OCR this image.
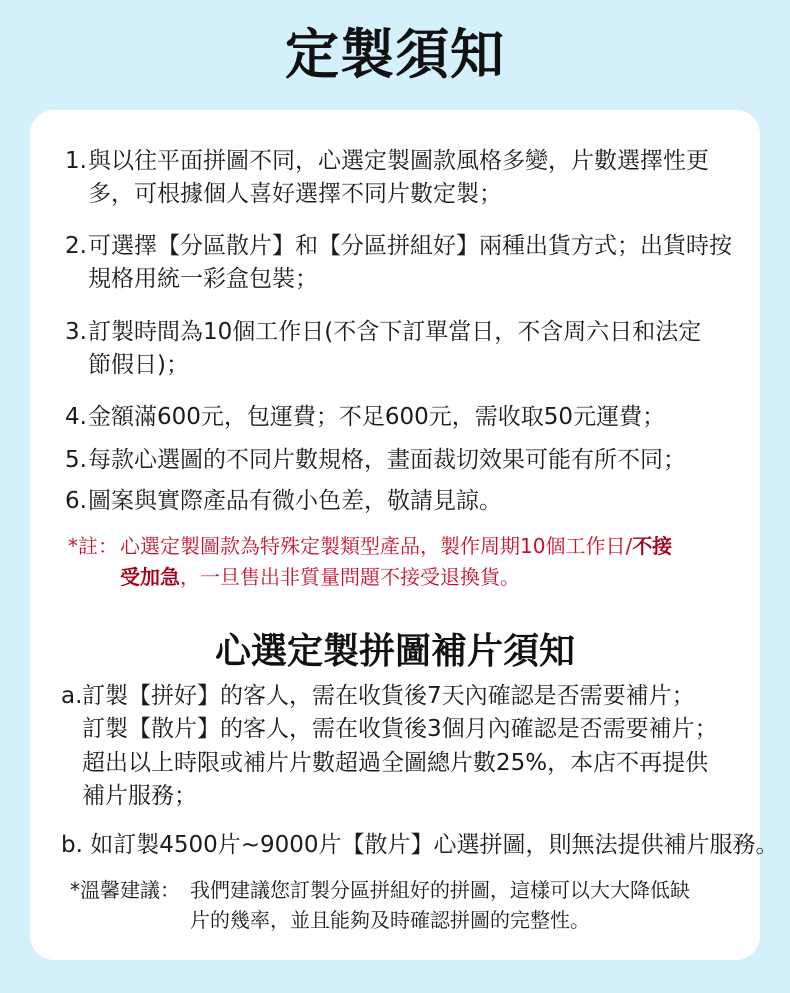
定製須知
1. 與以往平面拼圖不同，心選定製圖款風格多變，片數選擇性更
多，可根據個人喜好選擇不同片數定製；
2. 可選擇【分區散片】和【分區拼組好】兩種出貨方式；出貨時按
規格用統一彩盒包裝；
3. 訂製時間為10個工作日(不含下訂單當日，不含周六日和法定
節假日)；
4. 金額滿600元，包運費；不足600元，需收取50元運費；
5. 每款心選圖的不同片數規格，畫面裁切效果可能有所不同；
6. 圖案與實際產品有微小色差，敬請見諒。
*註： 心選定製圖款為特殊定製類型產品，製作周期10個工作日/不接
受加急，一旦售出非質量問題不接受退換貨。
心選定製拼圖補片須知
a. 訂製【拼好】的客人，需在收貨後7天內確認是否需要補片；
訂製【散片】的客人，需在收貨後3個月內確認是否需要補片；
超出以上時限或補片片數超過全圖總片數25%，本店不再提供
補片服務；
b. 如訂製4500片~9000片【散片】心選拼圖，則無法提供補片服務。
*溫馨建議： 我們建議您訂製分區拼組好的拼圖，這樣可以大大降低缺
片的幾率，並且能夠及時確認拼圖的完整性。
